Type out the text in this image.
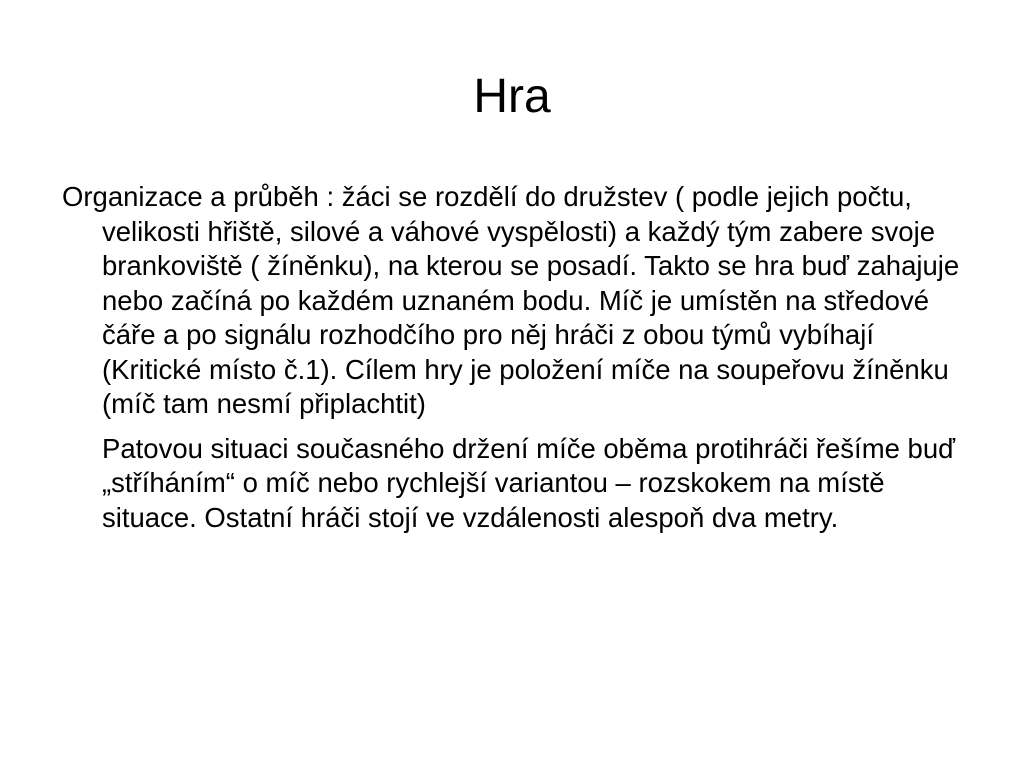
Hra

Organizace a průběh : žáci se rozdělí do družstev ( podle jejich počtu, velikosti hřiště, silové a váhové vyspělosti) a každý tým zabere svoje brankoviště ( žíněnku), na kterou se posadí. Takto se hra buď zahajuje nebo začíná po každém uznaném bodu. Míč je umístěn na středové čáře a po signálu rozhodčího pro něj hráči z obou týmů vybíhají (Kritické místo č.1). Cílem hry je položení míče na soupeřovu žíněnku (míč tam nesmí připlachtit)

Patovou situaci současného držení míče oběma protihráči řešíme buď „stříháním“ o míč nebo rychlejší variantou – rozskokem na místě situace. Ostatní hráči stojí ve vzdálenosti alespoň dva metry.
